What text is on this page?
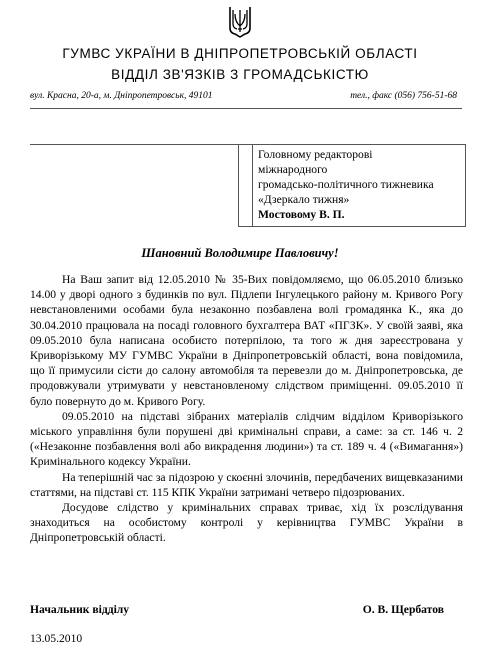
ГУМВС УКРАЇНИ В ДНІПРОПЕТРОВСЬКІЙ ОБЛАСТІ
ВІДДІЛ ЗВ'ЯЗКІВ З ГРОМАДСЬКІСТЮ
вул. Красна, 20-а, м. Дніпропетровськ, 49101	тел., факс (056) 756-51-68
Головному редакторові
міжнародного
громадсько-політичного тижневика
«Дзеркало тижня»
Мостовому В. П.
Шановний Володимире Павловичу!

На Ваш запит від 12.05.2010 № 35-Вих повідомляємо, що 06.05.2010 близько 14.00 у дворі одного з будинків по вул. Підлепи Інгулецького району м. Кривого Рогу невстановленими особами була незаконно позбавлена волі громадянка К., яка до 30.04.2010 працювала на посаді головного бухгалтера ВАТ «ПГЗК». У своїй заяві, яка 09.05.2010 була написана особисто потерпілою, та того ж дня зареєстрована у Криворізькому МУ ГУМВС України в Дніпропетровській області, вона повідомила, що її примусили сісти до салону автомобіля та перевезли до м. Дніпропетровська, де продовжували утримувати у невстановленому слідством приміщенні. 09.05.2010 її було повернуто до м. Кривого Рогу.

09.05.2010 на підставі зібраних матеріалів слідчим відділом Криворізького міського управління були порушені дві кримінальні справи, а саме: за ст. 146 ч. 2 («Незаконне позбавлення волі або викрадення людини») та ст. 189 ч. 4 («Вимагання») Кримінального кодексу України.

На теперішній час за підозрою у скоєнні злочинів, передбачених вищевказаними статтями, на підставі ст. 115 КПК України затримані четверо підозрюваних.

Досудове слідство у кримінальних справах триває, хід їх розслідування знаходиться на особистому контролі у керівництва ГУМВС України в Дніпропетровській області.

Начальник відділу	О. В. Щербатов
13.05.2010
